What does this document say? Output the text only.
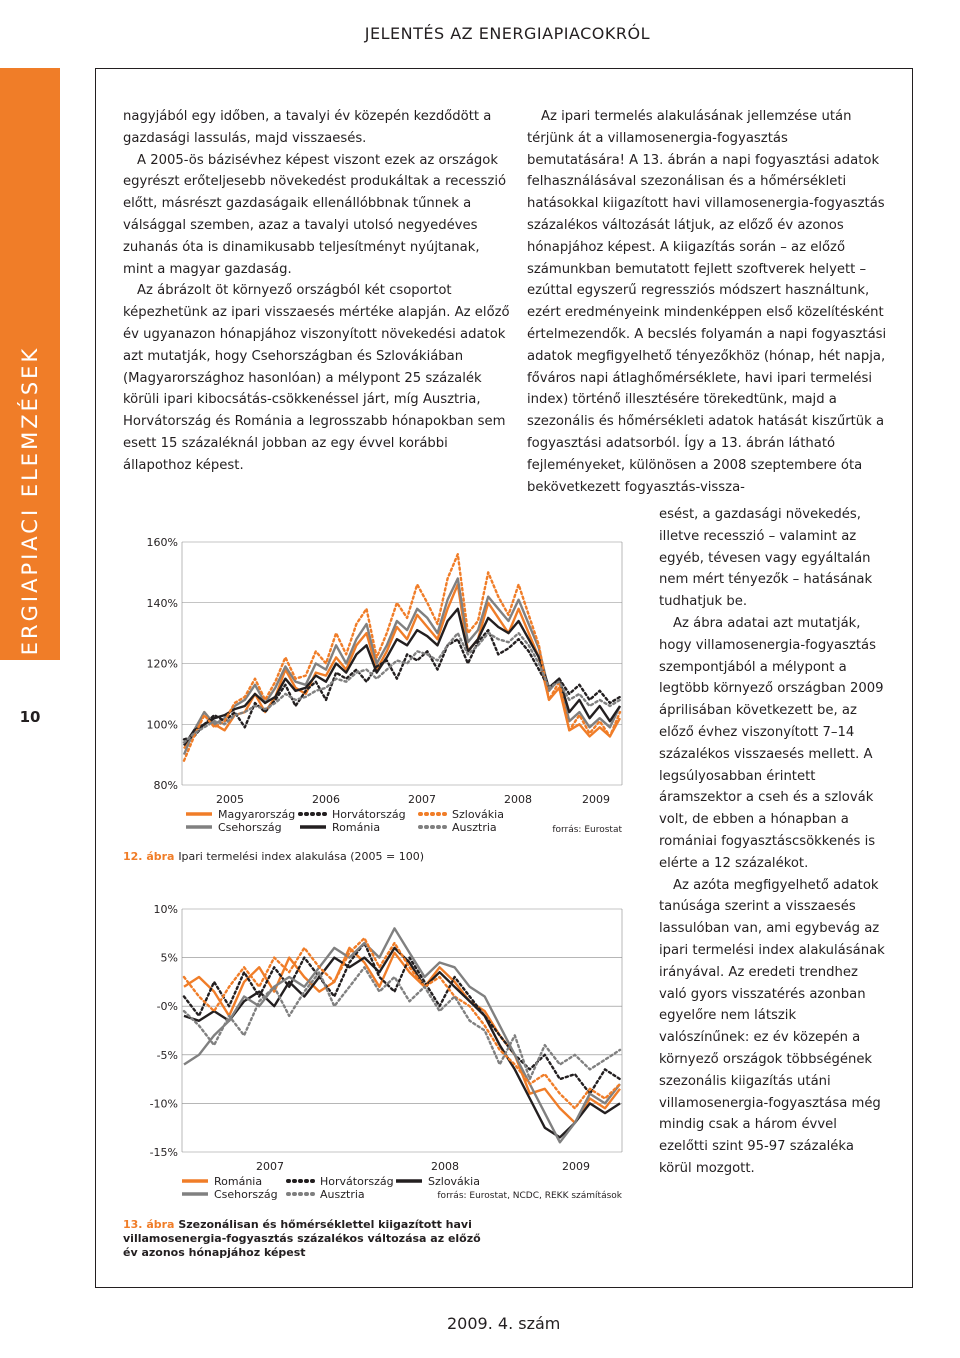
JELENTÉS AZ ENERGIAPIACOKRÓL
ENERGIAPIACI ELEMZÉSEK
10

nagyjából egy időben, a tavalyi év közepén kezdődött a gazdasági lassulás, majd visszaesés.

A 2005-ös bázisévhez képest viszont ezek az országok egyrészt erőteljesebb növekedést produkáltak a recesszió előtt, másrészt gazdaságaik ellenállóbbnak tűnnek a válsággal szemben, azaz a tavalyi utolsó negyedéves zuhanás óta is dinamikusabb teljesítményt nyújtanak, mint a magyar gazdaság.

Az ábrázolt öt környező országból két csoportot képezhetünk az ipari visszaesés mértéke alapján. Az előző év ugyanazon hónapjához viszonyított növekedési adatok azt mutatják, hogy Csehországban és Szlovákiában (Magyarországhoz hasonlóan) a mélypont 25 százalék körüli ipari kibocsátás-csökkenéssel járt, míg Ausztria, Horvátország és Románia a legrosszabb hónapokban sem esett 15 százaléknál jobban az egy évvel korábbi állapothoz képest.

Az ipari termelés alakulásának jellemzése után térjünk át a villamosenergia-fogyasztás bemutatására! A 13. ábrán a napi fogyasztási adatok felhasználásával szezonálisan és a hőmérsékleti hatásokkal kiigazított havi villamosenergia-fogyasztás százalékos változását látjuk, az előző év azonos hónapjához képest. A kiigazítás során – az előző számunkban bemutatott fejlett szoftverek helyett – ezúttal egyszerű regressziós módszert használtunk, ezért eredményeink mindenképpen első közelítésként értelmezendők. A becslés folyamán a napi fogyasztási adatok megfigyelhető tényezőkhöz (hónap, hét napja, főváros napi átlaghőmérséklete, havi ipari termelési index) történő illesztésére törekedtünk, majd a szezonális és hőmérsékleti adatok hatását kiszűrtük a fogyasztási adatsorból. Így a 13. ábrán látható fejleményeket, különösen a 2008 szeptembere óta bekövetkezett fogyasztás-vissza-

esést, a gazdasági növekedés, illetve recesszió – valamint az egyéb, tévesen vagy egyáltalán nem mért tényezők – hatásának tudhatjuk be.

Az ábra adatai azt mutatják, hogy villamosenergia-fogyasztás szempontjából a mélypont a legtöbb környező országban 2009 áprilisában következett be, az előző évhez viszonyított 7–14 százalékos visszaesés mellett. A legsúlyosabban érintett áramszektor a cseh és a szlovák volt, de ebben a hónapban a romániai fogyasztáscsökkenés is elérte a 12 százalékot.

Az azóta megfigyelhető adatok tanúsága szerint a visszaesés lassulóban van, ami egybevág az ipari termelési index alakulásának irányával. Az eredeti trendhez való gyors visszatérés azonban egyelőre nem látszik valószínűnek: ez év közepén a környező országok többségének szezonális kiigazítás utáni villamosenergia-fogyasztása még mindig csak a három évvel ezelőtti szint 95-97 százaléka körül mozgott.

160%
140%
120%
100%
80%
2005	2006	2007	2008	2009
Magyarország
Csehország
Horvátország
Románia
Szlovákia
Ausztria	forrás: Eurostat
12. ábra Ipari termelési index alakulása (2005 = 100)
10%
5%
-0%
-5%
-10%
-15%
2007	2008	2009
Románia
Csehország
Horvátország
Ausztria
Szlovákia
forrás: Eurostat, NCDC, REKK számítások
13. ábra Szezonálisan és hőmérséklettel kiigazított havi villamosenergia-fogyasztás százalékos változása az előző év azonos hónapjához képest
2009. 4. szám
